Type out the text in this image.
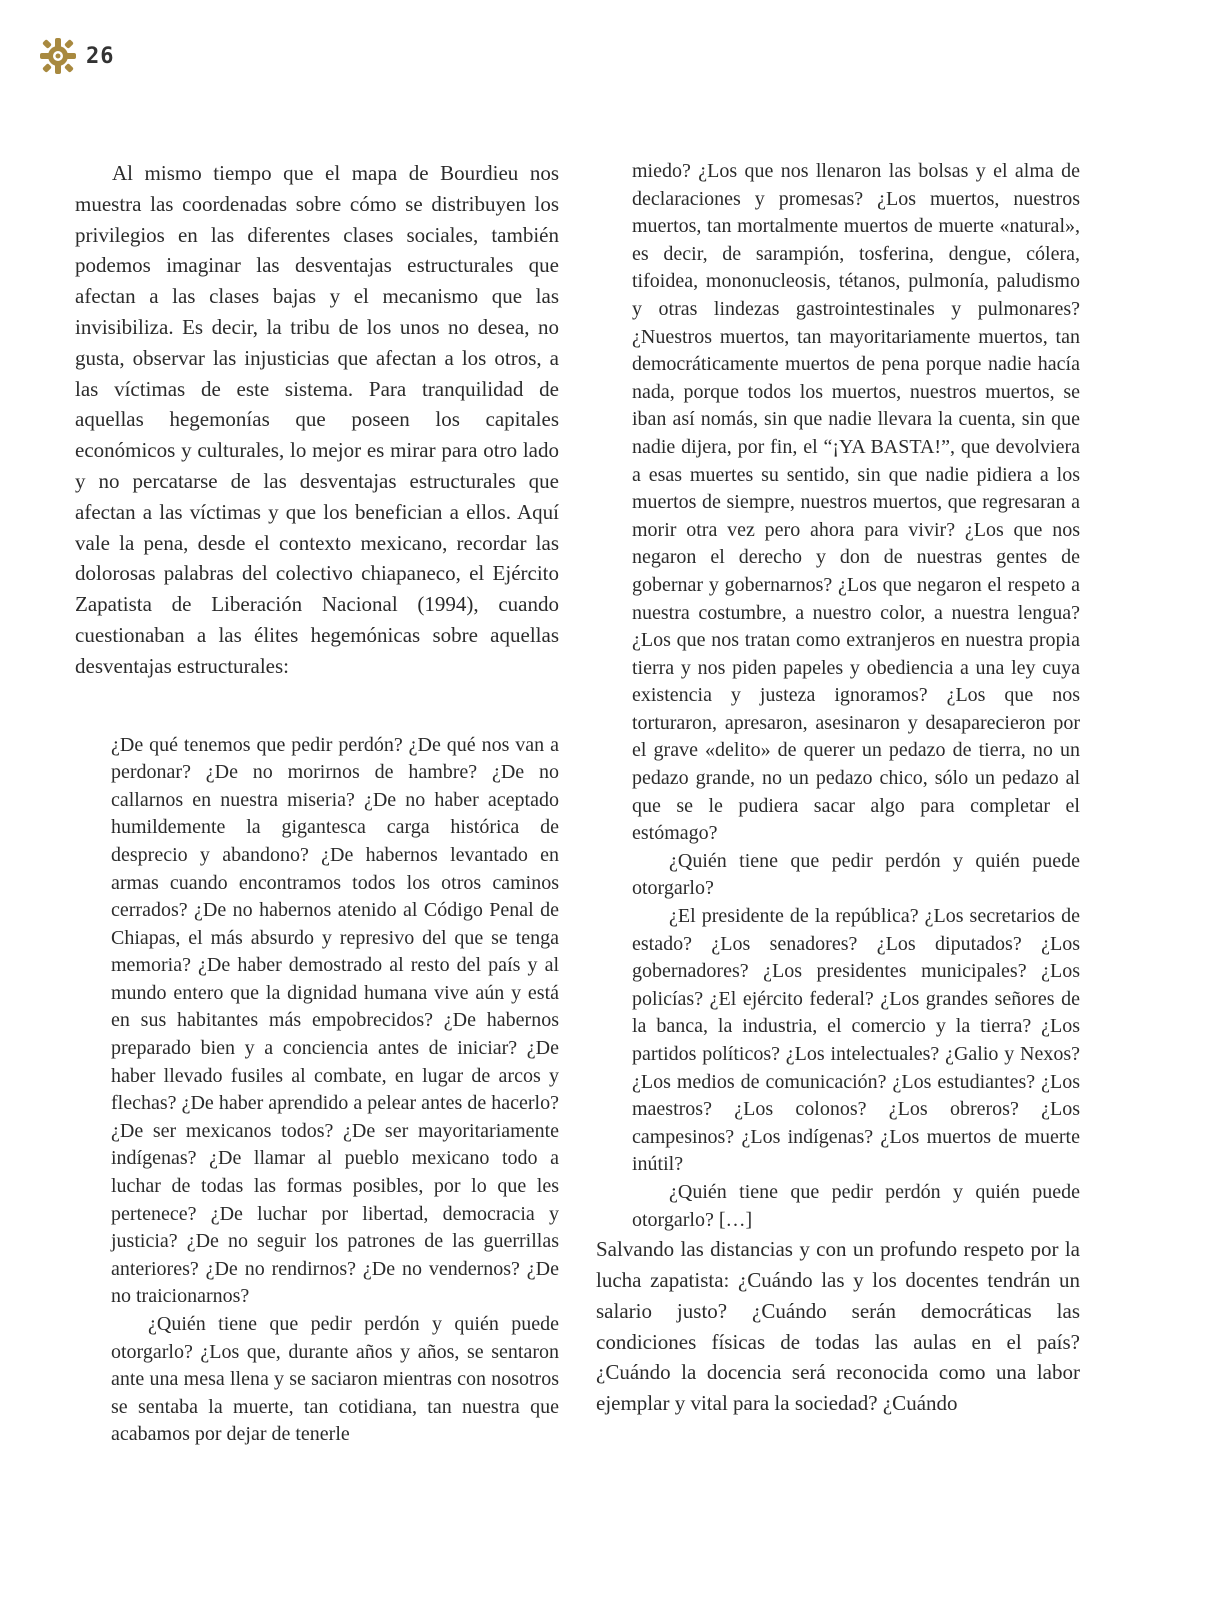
26

Al mismo tiempo que el mapa de Bourdieu nos muestra las coordenadas sobre cómo se distribuyen los privilegios en las diferentes clases sociales, también podemos imaginar las desventajas estructurales que afectan a las clases bajas y el mecanismo que las invisibiliza. Es decir, la tribu de los unos no desea, no gusta, observar las injusticias que afectan a los otros, a las víctimas de este sistema. Para tranquilidad de aquellas hegemonías que poseen los capitales económicos y culturales, lo mejor es mirar para otro lado y no percatarse de las desventajas estructurales que afectan a las víctimas y que los benefician a ellos. Aquí vale la pena, desde el contexto mexicano, recordar las dolorosas palabras del colectivo chiapaneco, el Ejército Zapatista de Liberación Nacional (1994), cuando cuestionaban a las élites hegemónicas sobre aquellas desventajas estructurales:

¿De qué tenemos que pedir perdón? ¿De qué nos van a perdonar? ¿De no morirnos de hambre? ¿De no callarnos en nuestra miseria? ¿De no haber aceptado humildemente la gigantesca carga histórica de desprecio y abandono? ¿De habernos levantado en armas cuando encontramos todos los otros caminos cerrados? ¿De no habernos atenido al Código Penal de Chiapas, el más absurdo y represivo del que se tenga memoria? ¿De haber demostrado al resto del país y al mundo entero que la dignidad humana vive aún y está en sus habitantes más empobrecidos? ¿De habernos preparado bien y a conciencia antes de iniciar? ¿De haber llevado fusiles al combate, en lugar de arcos y flechas? ¿De haber aprendido a pelear antes de hacerlo? ¿De ser mexicanos todos? ¿De ser mayoritariamente indígenas? ¿De llamar al pueblo mexicano todo a luchar de todas las formas posibles, por lo que les pertenece? ¿De luchar por libertad, democracia y justicia? ¿De no seguir los patrones de las guerrillas anteriores? ¿De no rendirnos? ¿De no vendernos? ¿De no traicionarnos?

¿Quién tiene que pedir perdón y quién puede otorgarlo? ¿Los que, durante años y años, se sentaron ante una mesa llena y se saciaron mientras con nosotros se sentaba la muerte, tan cotidiana, tan nuestra que acabamos por dejar de tenerle

miedo? ¿Los que nos llenaron las bolsas y el alma de declaraciones y promesas? ¿Los muertos, nuestros muertos, tan mortalmente muertos de muerte «natural», es decir, de sarampión, tosferina, dengue, cólera, tifoidea, mononucleosis, tétanos, pulmonía, paludismo y otras lindezas gastrointestinales y pulmonares? ¿Nuestros muertos, tan mayoritariamente muertos, tan democráticamente muertos de pena porque nadie hacía nada, porque todos los muertos, nuestros muertos, se iban así nomás, sin que nadie llevara la cuenta, sin que nadie dijera, por fin, el “¡YA BASTA!”, que devolviera a esas muertes su sentido, sin que nadie pidiera a los muertos de siempre, nuestros muertos, que regresaran a morir otra vez pero ahora para vivir? ¿Los que nos negaron el derecho y don de nuestras gentes de gobernar y gobernarnos? ¿Los que negaron el respeto a nuestra costumbre, a nuestro color, a nuestra lengua? ¿Los que nos tratan como extranjeros en nuestra propia tierra y nos piden papeles y obediencia a una ley cuya existencia y justeza ignoramos? ¿Los que nos torturaron, apresaron, asesinaron y desaparecieron por el grave «delito» de querer un pedazo de tierra, no un pedazo grande, no un pedazo chico, sólo un pedazo al que se le pudiera sacar algo para completar el estómago?

¿Quién tiene que pedir perdón y quién puede otorgarlo?

¿El presidente de la república? ¿Los secretarios de estado? ¿Los senadores? ¿Los diputados? ¿Los gobernadores? ¿Los presidentes municipales? ¿Los policías? ¿El ejército federal? ¿Los grandes señores de la banca, la industria, el comercio y la tierra? ¿Los partidos políticos? ¿Los intelectuales? ¿Galio y Nexos? ¿Los medios de comunicación? ¿Los estudiantes? ¿Los maestros? ¿Los colonos? ¿Los obreros? ¿Los campesinos? ¿Los indígenas? ¿Los muertos de muerte inútil?

¿Quién tiene que pedir perdón y quién puede otorgarlo? […]

Salvando las distancias y con un profundo respeto por la lucha zapatista: ¿Cuándo las y los docentes tendrán un salario justo? ¿Cuándo serán democráticas las condiciones físicas de todas las aulas en el país? ¿Cuándo la docencia será reconocida como una labor ejemplar y vital para la sociedad? ¿Cuándo
